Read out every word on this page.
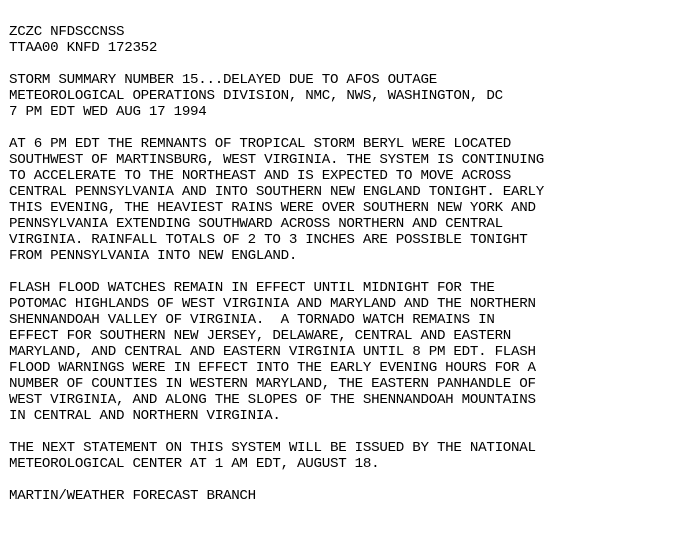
ZCZC NFDSCCNSS
TTAA00 KNFD 172352
STORM SUMMARY NUMBER 15...DELAYED DUE TO AFOS OUTAGE
METEOROLOGICAL OPERATIONS DIVISION, NMC, NWS, WASHINGTON, DC
7 PM EDT WED AUG 17 1994
AT 6 PM EDT THE REMNANTS OF TROPICAL STORM BERYL WERE LOCATED
SOUTHWEST OF MARTINSBURG, WEST VIRGINIA. THE SYSTEM IS CONTINUING
TO ACCELERATE TO THE NORTHEAST AND IS EXPECTED TO MOVE ACROSS
CENTRAL PENNSYLVANIA AND INTO SOUTHERN NEW ENGLAND TONIGHT. EARLY
THIS EVENING, THE HEAVIEST RAINS WERE OVER SOUTHERN NEW YORK AND
PENNSYLVANIA EXTENDING SOUTHWARD ACROSS NORTHERN AND CENTRAL
VIRGINIA. RAINFALL TOTALS OF 2 TO 3 INCHES ARE POSSIBLE TONIGHT
FROM PENNSYLVANIA INTO NEW ENGLAND.
FLASH FLOOD WATCHES REMAIN IN EFFECT UNTIL MIDNIGHT FOR THE
POTOMAC HIGHLANDS OF WEST VIRGINIA AND MARYLAND AND THE NORTHERN
SHENNANDOAH VALLEY OF VIRGINIA.  A TORNADO WATCH REMAINS IN
EFFECT FOR SOUTHERN NEW JERSEY, DELAWARE, CENTRAL AND EASTERN
MARYLAND, AND CENTRAL AND EASTERN VIRGINIA UNTIL 8 PM EDT. FLASH
FLOOD WARNINGS WERE IN EFFECT INTO THE EARLY EVENING HOURS FOR A
NUMBER OF COUNTIES IN WESTERN MARYLAND, THE EASTERN PANHANDLE OF
WEST VIRGINIA, AND ALONG THE SLOPES OF THE SHENNANDOAH MOUNTAINS
IN CENTRAL AND NORTHERN VIRGINIA.
THE NEXT STATEMENT ON THIS SYSTEM WILL BE ISSUED BY THE NATIONAL
METEOROLOGICAL CENTER AT 1 AM EDT, AUGUST 18.
MARTIN/WEATHER FORECAST BRANCH
